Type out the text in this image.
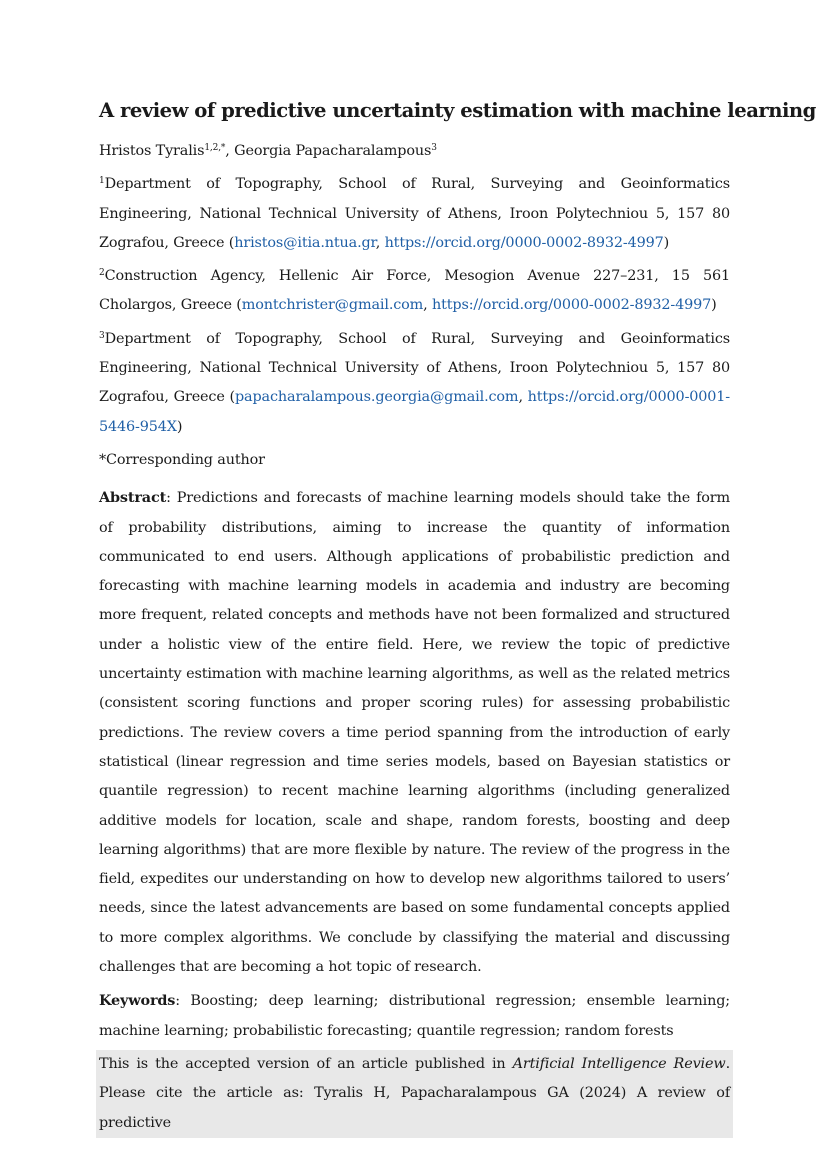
A review of predictive uncertainty estimation with machine learning

Hristos Tyralis$^{1,2,*}$, Georgia Papacharalampous$^3$

$^1$Department of Topography, School of Rural, Surveying and Geoinformatics Engineering, National Technical University of Athens, Iroon Polytechniou 5, 157 80 Zografou, Greece (hristos@itia.ntua.gr, https://orcid.org/0000-0002-8932-4997)

$^2$Construction Agency, Hellenic Air Force, Mesogion Avenue 227–231, 15 561 Cholargos, Greece (montchrister@gmail.com, https://orcid.org/0000-0002-8932-4997)

$^3$Department of Topography, School of Rural, Surveying and Geoinformatics Engineering, National Technical University of Athens, Iroon Polytechniou 5, 157 80 Zografou, Greece (papacharalampous.georgia@gmail.com, https://orcid.org/0000-0001-5446-954X)

*Corresponding author

Abstract: Predictions and forecasts of machine learning models should take the form of probability distributions, aiming to increase the quantity of information communicated to end users. Although applications of probabilistic prediction and forecasting with machine learning models in academia and industry are becoming more frequent, related concepts and methods have not been formalized and structured under a holistic view of the entire field. Here, we review the topic of predictive uncertainty estimation with machine learning algorithms, as well as the related metrics (consistent scoring functions and proper scoring rules) for assessing probabilistic predictions. The review covers a time period spanning from the introduction of early statistical (linear regression and time series models, based on Bayesian statistics or quantile regression) to recent machine learning algorithms (including generalized additive models for location, scale and shape, random forests, boosting and deep learning algorithms) that are more flexible by nature. The review of the progress in the field, expedites our understanding on how to develop new algorithms tailored to users’ needs, since the latest advancements are based on some fundamental concepts applied to more complex algorithms. We conclude by classifying the material and discussing challenges that are becoming a hot topic of research.

Keywords: Boosting; deep learning; distributional regression; ensemble learning; machine learning; probabilistic forecasting; quantile regression; random forests

This is the accepted version of an article published in Artificial Intelligence Review. Please cite the article as: Tyralis H, Papacharalampous GA (2024) A review of predictive
